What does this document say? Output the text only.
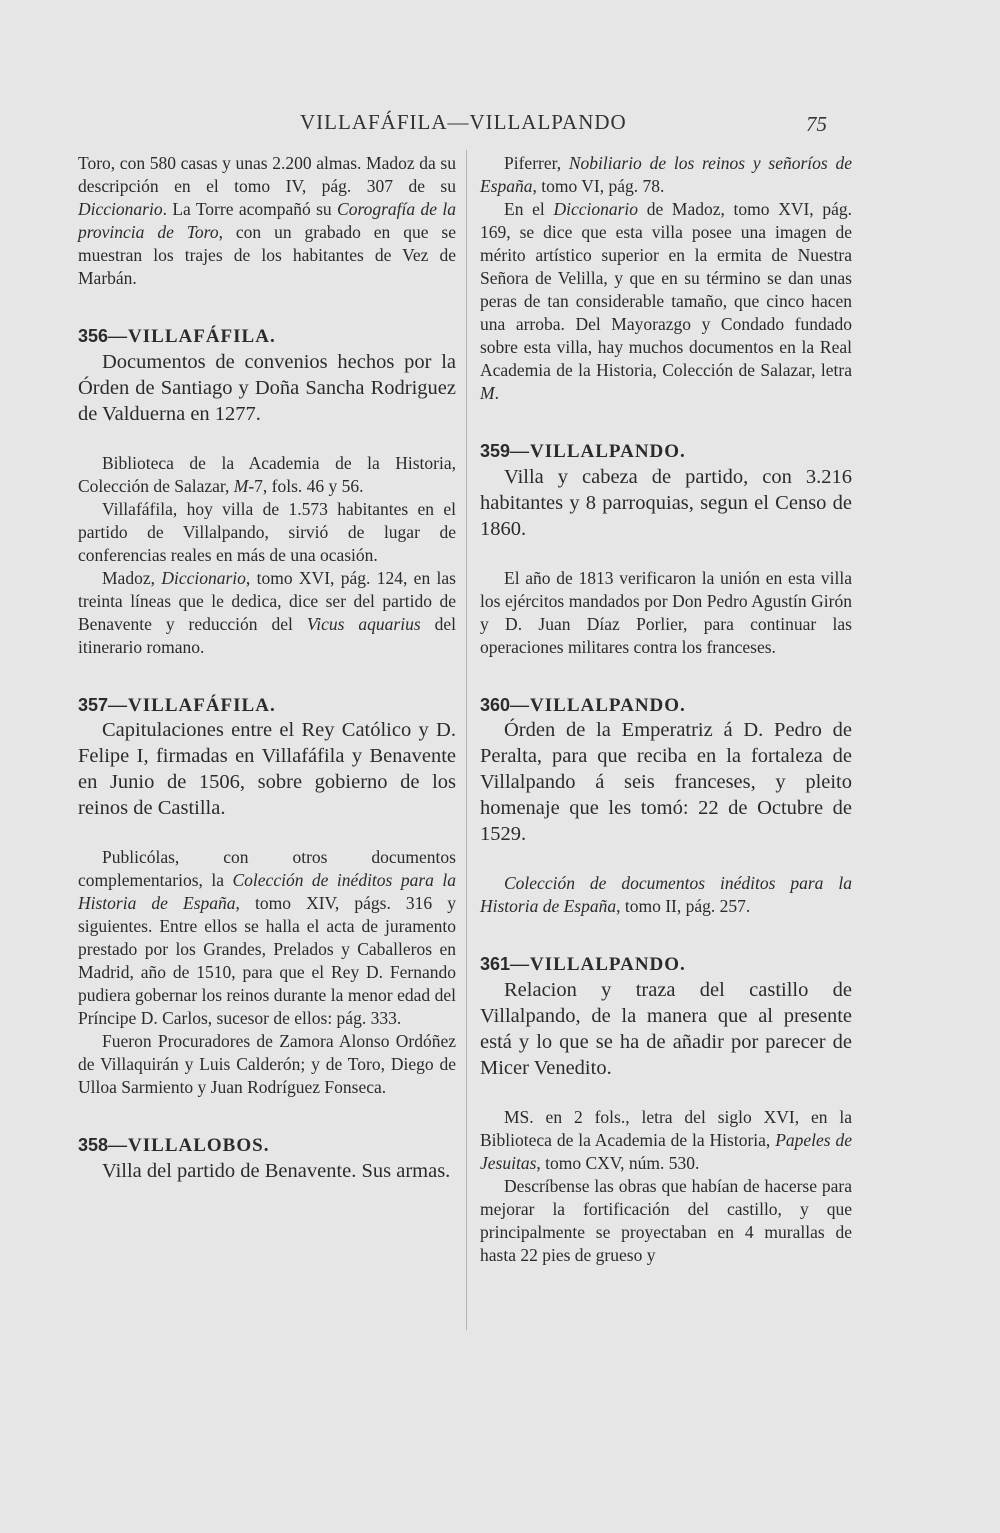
VILLAFÁFILA—VILLALPANDO	75

Toro, con 580 casas y unas 2.200 almas. Madoz da su descripción en el tomo IV, pág. 307 de su Diccionario. La Torre acompañó su Corografía de la provincia de Toro, con un grabado en que se muestran los trajes de los habitantes de Vez de Marbán.

356—VILLAFÁFILA.

Documentos de convenios hechos por la Órden de Santiago y Doña Sancha Rodriguez de Valduerna en 1277.

Biblioteca de la Academia de la Historia, Colección de Salazar, M-7, fols. 46 y 56.

Villafáfila, hoy villa de 1.573 habitantes en el partido de Villalpando, sirvió de lugar de conferencias reales en más de una ocasión.

Madoz, Diccionario, tomo XVI, pág. 124, en las treinta líneas que le dedica, dice ser del partido de Benavente y reducción del Vicus aquarius del itinerario romano.

357—VILLAFÁFILA.

Capitulaciones entre el Rey Católico y D. Felipe I, firmadas en Villafáfila y Benavente en Junio de 1506, sobre gobierno de los reinos de Castilla.

Publicólas, con otros documentos complementarios, la Colección de inéditos para la Historia de España, tomo XIV, págs. 316 y siguientes. Entre ellos se halla el acta de juramento prestado por los Grandes, Prelados y Caballeros en Madrid, año de 1510, para que el Rey D. Fernando pudiera gobernar los reinos durante la menor edad del Príncipe D. Carlos, sucesor de ellos: pág. 333.

Fueron Procuradores de Zamora Alonso Ordóñez de Villaquirán y Luis Calderón; y de Toro, Diego de Ulloa Sarmiento y Juan Rodríguez Fonseca.

358—VILLALOBOS.

Villa del partido de Benavente. Sus armas.

Piferrer, Nobiliario de los reinos y señoríos de España, tomo VI, pág. 78.

En el Diccionario de Madoz, tomo XVI, pág. 169, se dice que esta villa posee una imagen de mérito artístico superior en la ermita de Nuestra Señora de Velilla, y que en su término se dan unas peras de tan considerable tamaño, que cinco hacen una arroba. Del Mayorazgo y Condado fundado sobre esta villa, hay muchos documentos en la Real Academia de la Historia, Colección de Salazar, letra M.

359—VILLALPANDO.

Villa y cabeza de partido, con 3.216 habitantes y 8 parroquias, segun el Censo de 1860.

El año de 1813 verificaron la unión en esta villa los ejércitos mandados por Don Pedro Agustín Girón y D. Juan Díaz Porlier, para continuar las operaciones militares contra los franceses.

360—VILLALPANDO.

Órden de la Emperatriz á D. Pedro de Peralta, para que reciba en la fortaleza de Villalpando á seis franceses, y pleito homenaje que les tomó: 22 de Octubre de 1529.

Colección de documentos inéditos para la Historia de España, tomo II, pág. 257.

361—VILLALPANDO.

Relacion y traza del castillo de Villalpando, de la manera que al presente está y lo que se ha de añadir por parecer de Micer Venedito.

MS. en 2 fols., letra del siglo XVI, en la Biblioteca de la Academia de la Historia, Papeles de Jesuitas, tomo CXV, núm. 530.

Descríbense las obras que habían de hacerse para mejorar la fortificación del castillo, y que principalmente se proyectaban en 4 murallas de hasta 22 pies de grueso y
